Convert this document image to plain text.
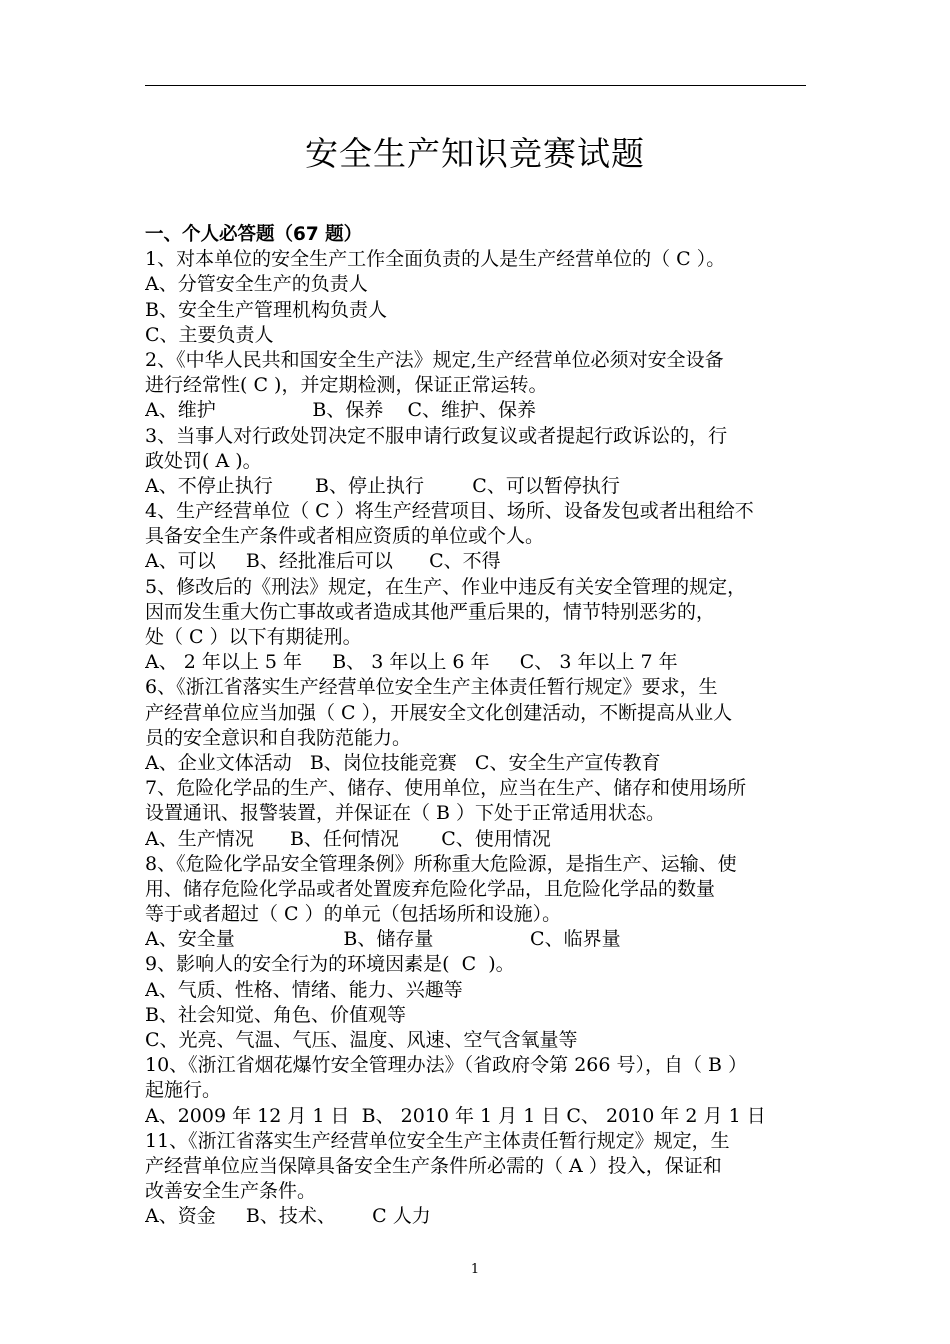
安全生产知识竞赛试题
一、个人必答题（67 题）
1、对本单位的安全生产工作全面负责的人是生产经营单位的（ C ）。
A、分管安全生产的负责人
B、安全生产管理机构负责人
C、主要负责人
2、《中华人民共和国安全生产法》规定,生产经营单位必须对安全设备
进行经常性( C )，并定期检测，保证正常运转。
A、维护                B、保养    C、维护、保养
3、当事人对行政处罚决定不服申请行政复议或者提起行政诉讼的，行
政处罚( A )。
A、不停止执行       B、停止执行        C、可以暂停执行
4、生产经营单位（ C ）将生产经营项目、场所、设备发包或者出租给不
具备安全生产条件或者相应资质的单位或个人。
A、可以     B、经批准后可以      C、不得
5、修改后的《刑法》规定，在生产、作业中违反有关安全管理的规定，
因而发生重大伤亡事故或者造成其他严重后果的，情节特别恶劣的，
处（ C ）以下有期徒刑。
A、 2 年以上 5 年     B、 3 年以上 6 年     C、 3 年以上 7 年
6、《浙江省落实生产经营单位安全生产主体责任暂行规定》要求，生
产经营单位应当加强（ C ），开展安全文化创建活动，不断提高从业人
员的安全意识和自我防范能力。
A、企业文体活动   B、岗位技能竞赛   C、安全生产宣传教育
7、危险化学品的生产、储存、使用单位，应当在生产、储存和使用场所
设置通讯、报警装置，并保证在（ B ）下处于正常适用状态。
A、生产情况      B、任何情况       C、使用情况
8、《危险化学品安全管理条例》所称重大危险源，是指生产、运输、使
用、储存危险化学品或者处置废弃危险化学品，且危险化学品的数量
等于或者超过（ C ）的单元（包括场所和设施）。
A、安全量                  B、储存量                C、临界量
9、影响人的安全行为的环境因素是(  C  )。
A、气质、性格、情绪、能力、兴趣等
B、社会知觉、角色、价值观等
C、光亮、气温、气压、温度、风速、空气含氧量等
10、《浙江省烟花爆竹安全管理办法》（省政府令第 266 号），自（ B ）
起施行。
A、2009 年 12 月 1 日  B、 2010 年 1 月 1 日 C、 2010 年 2 月 1 日
11、《浙江省落实生产经营单位安全生产主体责任暂行规定》规定，生
产经营单位应当保障具备安全生产条件所必需的（ A ）投入，保证和
改善安全生产条件。
A、资金     B、技术、      C 人力
1
